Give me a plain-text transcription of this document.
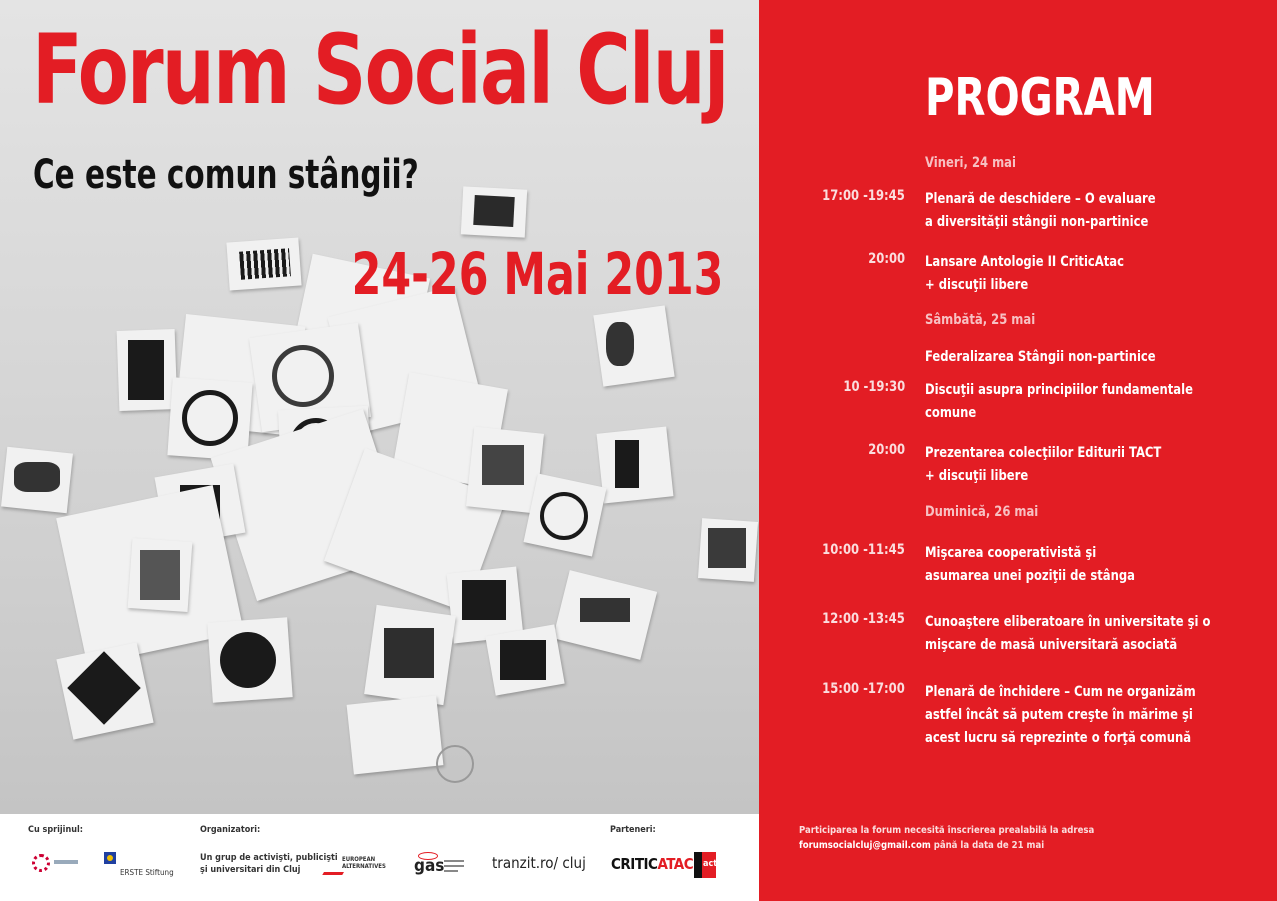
Forum Social Cluj
Ce este comun stângii?
24-26 Mai 2013
Cu sprijinul:	Organizatori:	Parteneri:
ERSTE Stiftung
Un grup de activişti, publicişti
şi universitari din Cluj
EUROPEAN ALTERNATIVES	gas	tranzit.ro/ cluj CRITICATAC act
PROGRAM
Vineri, 24 mai
17:00 -19:45 Plenară de deschidere – O evaluare
a diversităţii stângii non-partinice
20:00 Lansare Antologie II CriticAtac
+ discuţii libere
Sâmbătă, 25 mai
Federalizarea Stângii non-partinice
10 -19:30 Discuţii asupra principiilor fundamentale
comune
20:00 Prezentarea colecţiilor Editurii TACT
+ discuţii libere
Duminică, 26 mai
10:00 -11:45 Mişcarea cooperativistă şi
asumarea unei poziţii de stânga
12:00 -13:45 Cunoaştere eliberatoare în universitate şi o
mişcare de masă universitară asociată
15:00 -17:00 Plenară de închidere – Cum ne organizăm
astfel încât să putem creşte în mărime şi
acest lucru să reprezinte o forţă comună
Participarea la forum necesită înscrierea prealabilă la adresa
forumsocialcluj@gmail.com până la data de 21 mai
